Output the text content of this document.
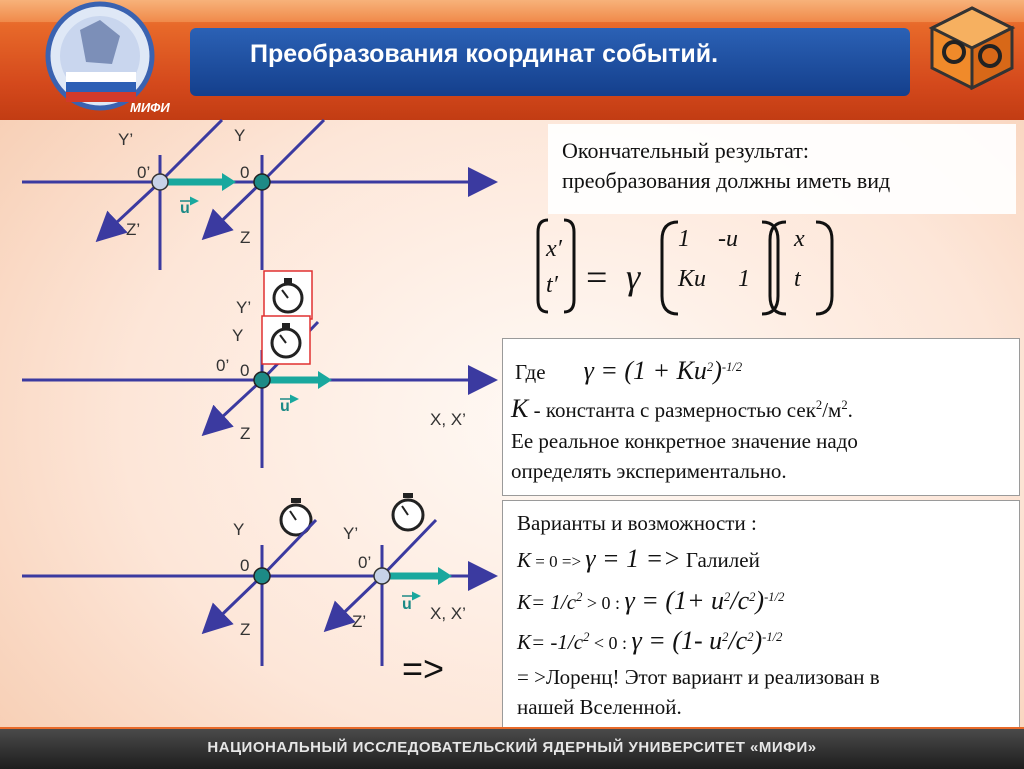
МИФИ
Преобразования координат событий.
Y’	Y
0’	0
Z’	Z
u
Y’
Y
0’ 0
Z
X, X’
u
Y	Y’
0	0’
Z	Z’	X, X’
u
=>
Окончательный результат:
преобразования должны иметь вид
x′
t′ = γ
1 -u
Ku 1
x
t
Где $\gamma = (1 + Ku^2)^{-1/2}$
K - константа с размерностью $сек^2/м^2$.
Ее реальное конкретное значение надо
определять экспериментально.
Варианты и возможности :
K = 0 => γ = 1 => Галилей
$K= 1/c^2 > 0$ : $\gamma = (1+ u^2/c^2)^{-1/2}$
$K= -1/c^2 < 0$ : γ = (1- $u^2/c^2)^{-1/2}$
= >Лоренц! Этот вариант и реализован в
нашей Вселенной.
НАЦИОНАЛЬНЫЙ ИССЛЕДОВАТЕЛЬСКИЙ ЯДЕРНЫЙ УНИВЕРСИТЕТ «МИФИ»
